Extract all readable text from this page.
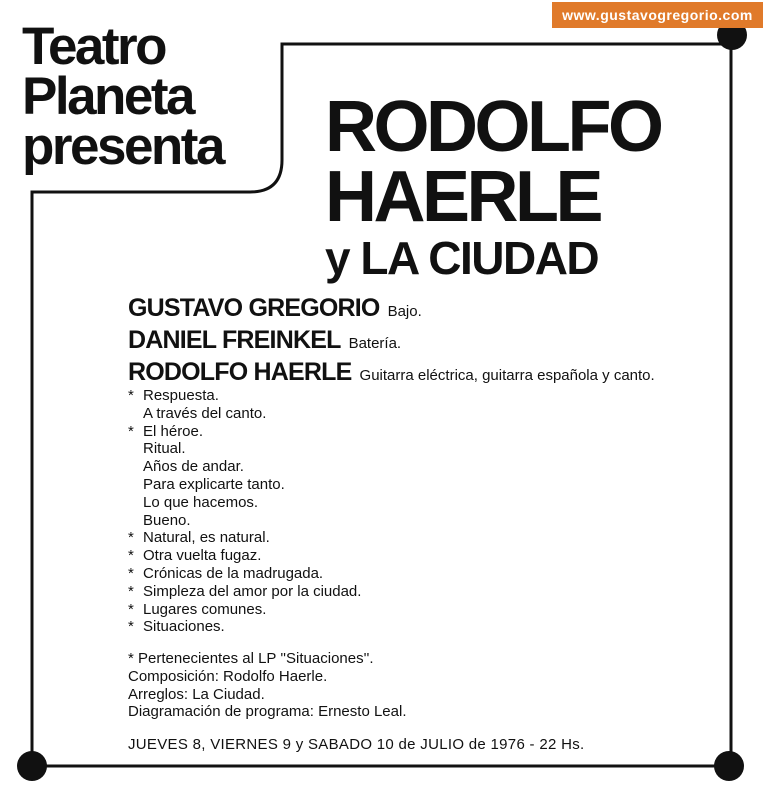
www.gustavogregorio.com
Teatro
Planeta
presenta RODOLFO
HAERLE
y LA CIUDAD
GUSTAVO GREGORIO Bajo.
DANIEL FREINKEL Batería.
RODOLFO HAERLE Guitarra eléctrica, guitarra española y canto.
* Respuesta.
A través del canto.
* El héroe.
Ritual.
Años de andar.
Para explicarte tanto.
Lo que hacemos.
Bueno.
* Natural, es natural.
* Otra vuelta fugaz.
* Crónicas de la madrugada.
* Simpleza del amor por la ciudad.
* Lugares comunes.
* Situaciones.
* Pertenecientes al LP ''Situaciones''.
Composición: Rodolfo Haerle.
Arreglos: La Ciudad.
Diagramación de programa: Ernesto Leal.
JUEVES 8, VIERNES 9 y SABADO 10 de JULIO de 1976 - 22 Hs.
